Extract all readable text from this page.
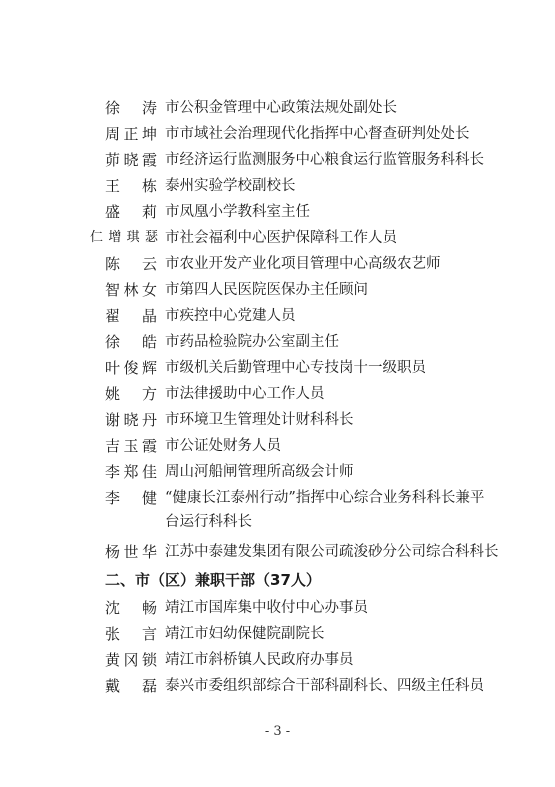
徐 涛 市公积金管理中心政策法规处副处长
周正坤 市市域社会治理现代化指挥中心督查研判处处长
茆晓霞 市经济运行监测服务中心粮食运行监管服务科科长
王 栋 泰州实验学校副校长
盛 莉 市凤凰小学教科室主任
仁增琪瑟 市社会福利中心医护保障科工作人员
陈 云 市农业开发产业化项目管理中心高级农艺师
智林女 市第四人民医院医保办主任顾问
翟 晶 市疾控中心党建人员
徐 皓 市药品检验院办公室副主任
叶俊辉 市级机关后勤管理中心专技岗十一级职员
姚 方 市法律援助中心工作人员
谢晓丹 市环境卫生管理处计财科科长
吉玉霞 市公证处财务人员
李郑佳 周山河船闸管理所高级会计师
李 健 “健康长江泰州行动”指挥中心综合业务科科长兼平台运行科科长
杨世华 江苏中泰建发集团有限公司疏浚砂分公司综合科科长
二、市（区）兼职干部（37人）
沈 畅 靖江市国库集中收付中心办事员
张 言 靖江市妇幼保健院副院长
黄冈锁 靖江市斜桥镇人民政府办事员
戴 磊 泰兴市委组织部综合干部科副科长、四级主任科员
- 3 -
